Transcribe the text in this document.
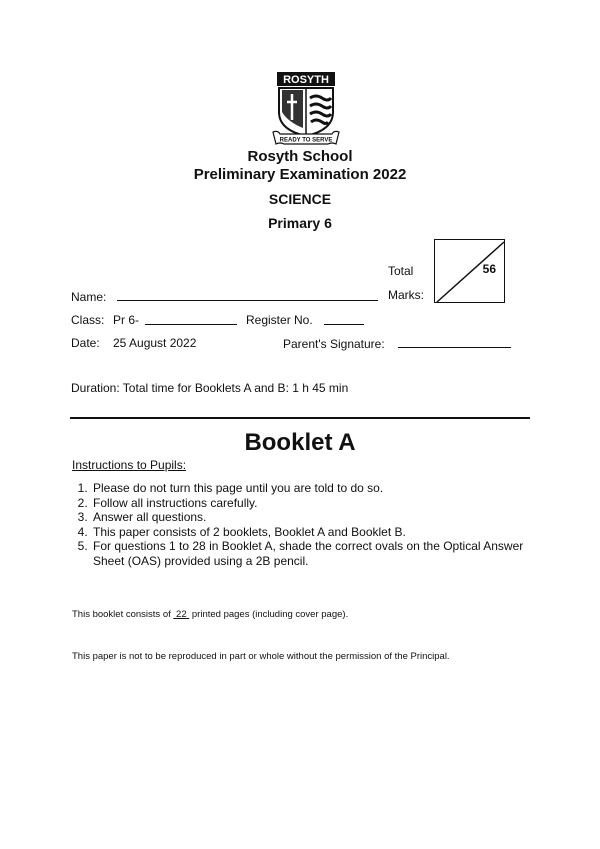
ROSYTH
READY TO SERVE
Rosyth School
Preliminary Examination 2022
SCIENCE
Primary 6
Total
Marks:
56
Name:
Class: Pr 6-	Register No.
Date: 25 August 2022	Parent's Signature:
Duration: Total time for Booklets A and B: 1 h 45 min
Booklet A
Instructions to Pupils:
1. Please do not turn this page until you are told to do so.
2. Follow all instructions carefully.
3. Answer all questions.
4. This paper consists of 2 booklets, Booklet A and Booklet B.
5. For questions 1 to 28 in Booklet A, shade the correct ovals on the Optical Answer Sheet (OAS) provided using a 2B pencil.
This booklet consists of 22 printed pages (including cover page).
This paper is not to be reproduced in part or whole without the permission of the Principal.
